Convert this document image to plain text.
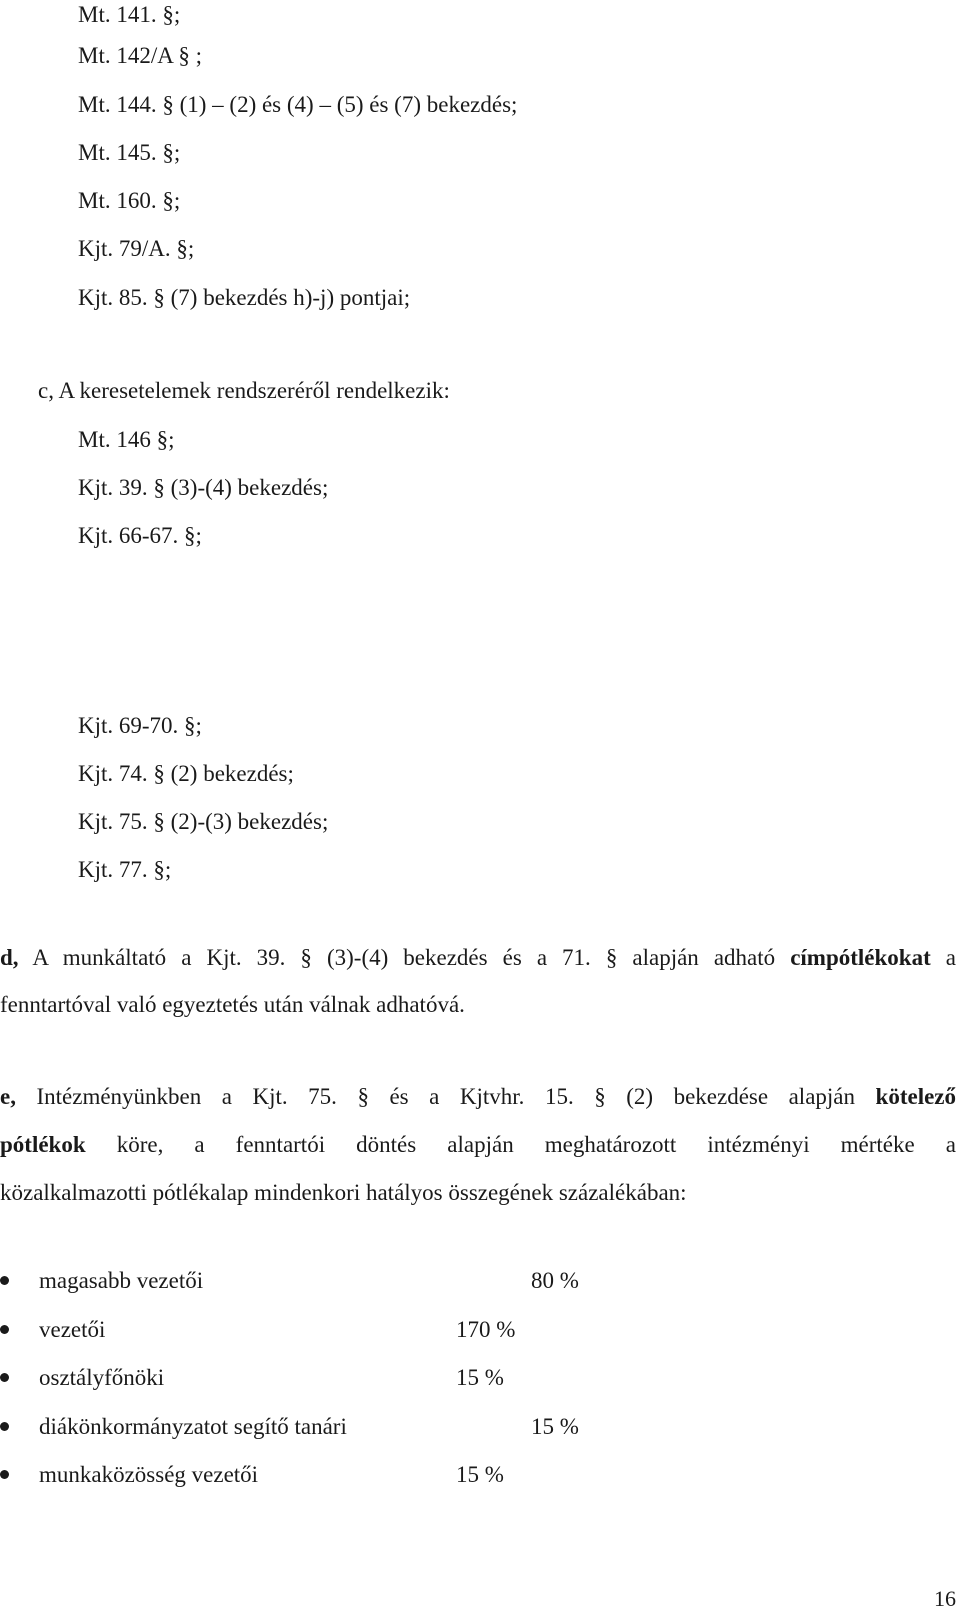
Mt. 141. §;
Mt. 142/A § ;
Mt. 144. § (1) – (2) és (4) – (5) és (7) bekezdés;
Mt. 145. §;
Mt. 160. §;
Kjt. 79/A. §;
Kjt. 85. § (7) bekezdés h)-j) pontjai;
c, A keresetelemek rendszeréről rendelkezik:
Mt. 146 §;
Kjt. 39. § (3)-(4) bekezdés;
Kjt. 66-67. §;
Kjt. 69-70. §;
Kjt. 74. § (2) bekezdés;
Kjt. 75. § (2)-(3) bekezdés;
Kjt. 77. §;
d, A munkáltató a Kjt. 39. § (3)-(4) bekezdés és a 71. § alapján adható címpótlékokat a
fenntartóval való egyeztetés után válnak adhatóvá.
e, Intézményünkben a Kjt. 75. § és a Kjtvhr. 15. § (2) bekezdése alapján kötelező
pótlékok köre, a fenntartói döntés alapján meghatározott intézményi mértéke a
közalkalmazotti pótlékalap mindenkori hatályos összegének százalékában:
magasabb vezetői	80 %
vezetői	170 %
osztályfőnöki	15 %
diákönkormányzatot segítő tanári	15 %
munkaközösség vezetői	15 %
16
